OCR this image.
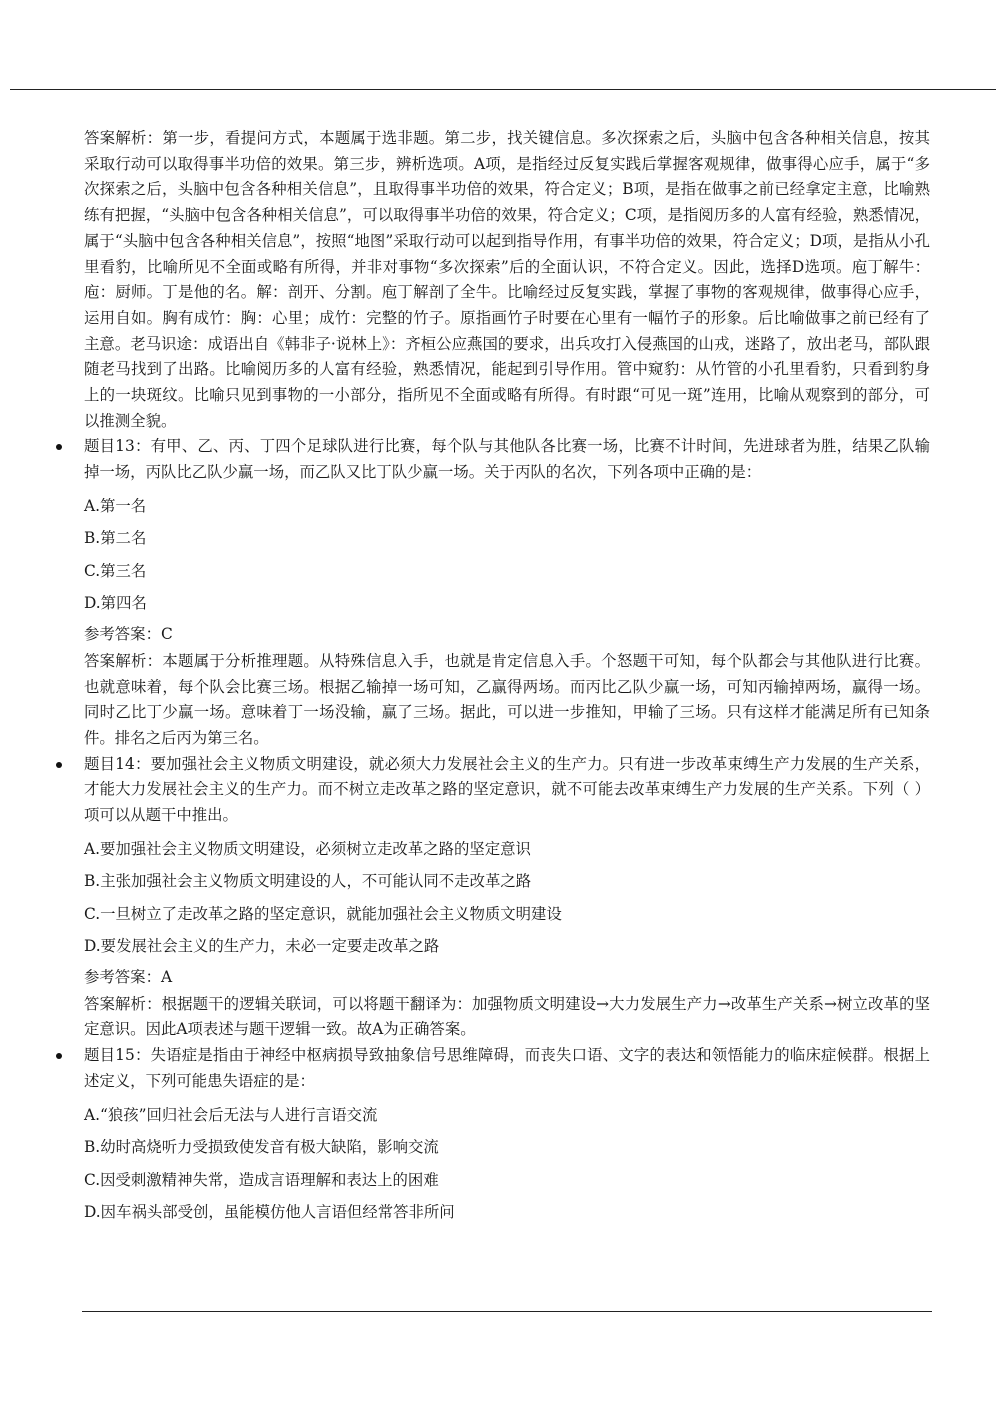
答案解析：第一步，看提问方式，本题属于选非题。第二步，找关键信息。多次探索之后，头脑中包含各种相关信息，按其采取行动可以取得事半功倍的效果。第三步，辨析选项。A项，是指经过反复实践后掌握客观规律，做事得心应手，属于“多次探索之后，头脑中包含各种相关信息”，且取得事半功倍的效果，符合定义；B项，是指在做事之前已经拿定主意，比喻熟练有把握，“头脑中包含各种相关信息”，可以取得事半功倍的效果，符合定义；C项，是指阅历多的人富有经验，熟悉情况，属于“头脑中包含各种相关信息”，按照“地图”采取行动可以起到指导作用，有事半功倍的效果，符合定义；D项，是指从小孔里看豹，比喻所见不全面或略有所得，并非对事物“多次探索”后的全面认识，不符合定义。因此，选择D选项。庖丁解牛：庖：厨师。丁是他的名。解：剖开、分割。庖丁解剖了全牛。比喻经过反复实践，掌握了事物的客观规律，做事得心应手，运用自如。胸有成竹：胸：心里；成竹：完整的竹子。原指画竹子时要在心里有一幅竹子的形象。后比喻做事之前已经有了主意。老马识途：成语出自《韩非子·说林上》：齐桓公应燕国的要求，出兵攻打入侵燕国的山戎，迷路了，放出老马，部队跟随老马找到了出路。比喻阅历多的人富有经验，熟悉情况，能起到引导作用。管中窥豹：从竹管的小孔里看豹，只看到豹身上的一块斑纹。比喻只见到事物的一小部分，指所见不全面或略有所得。有时跟“可见一斑”连用，比喻从观察到的部分，可以推测全貌。

题目13：有甲、乙、丙、丁四个足球队进行比赛，每个队与其他队各比赛一场，比赛不计时间，先进球者为胜，结果乙队输掉一场，丙队比乙队少赢一场，而乙队又比丁队少赢一场。关于丙队的名次，下列各项中正确的是：

A.第一名

B.第二名

C.第三名

D.第四名

参考答案：C

答案解析：本题属于分析推理题。从特殊信息入手，也就是肯定信息入手。个怒题干可知，每个队都会与其他队进行比赛。也就意味着，每个队会比赛三场。根据乙输掉一场可知，乙赢得两场。而丙比乙队少赢一场，可知丙输掉两场，赢得一场。同时乙比丁少赢一场。意味着丁一场没输，赢了三场。据此，可以进一步推知，甲输了三场。只有这样才能满足所有已知条件。排名之后丙为第三名。

题目14：要加强社会主义物质文明建设，就必须大力发展社会主义的生产力。只有进一步改革束缚生产力发展的生产关系，才能大力发展社会主义的生产力。而不树立走改革之路的坚定意识，就不可能去改革束缚生产力发展的生产关系。下列（ ）项可以从题干中推出。

A.要加强社会主义物质文明建设，必须树立走改革之路的坚定意识

B.主张加强社会主义物质文明建设的人，不可能认同不走改革之路

C.一旦树立了走改革之路的坚定意识，就能加强社会主义物质文明建设

D.要发展社会主义的生产力，未必一定要走改革之路

参考答案：A

答案解析：根据题干的逻辑关联词，可以将题干翻译为：加强物质文明建设→大力发展生产力→改革生产关系→树立改革的坚定意识。因此A项表述与题干逻辑一致。故A为正确答案。

题目15：失语症是指由于神经中枢病损导致抽象信号思维障碍，而丧失口语、文字的表达和领悟能力的临床症候群。根据上述定义，下列可能患失语症的是：

A.“狼孩”回归社会后无法与人进行言语交流

B.幼时高烧听力受损致使发音有极大缺陷，影响交流

C.因受刺激精神失常，造成言语理解和表达上的困难

D.因车祸头部受创，虽能模仿他人言语但经常答非所问
